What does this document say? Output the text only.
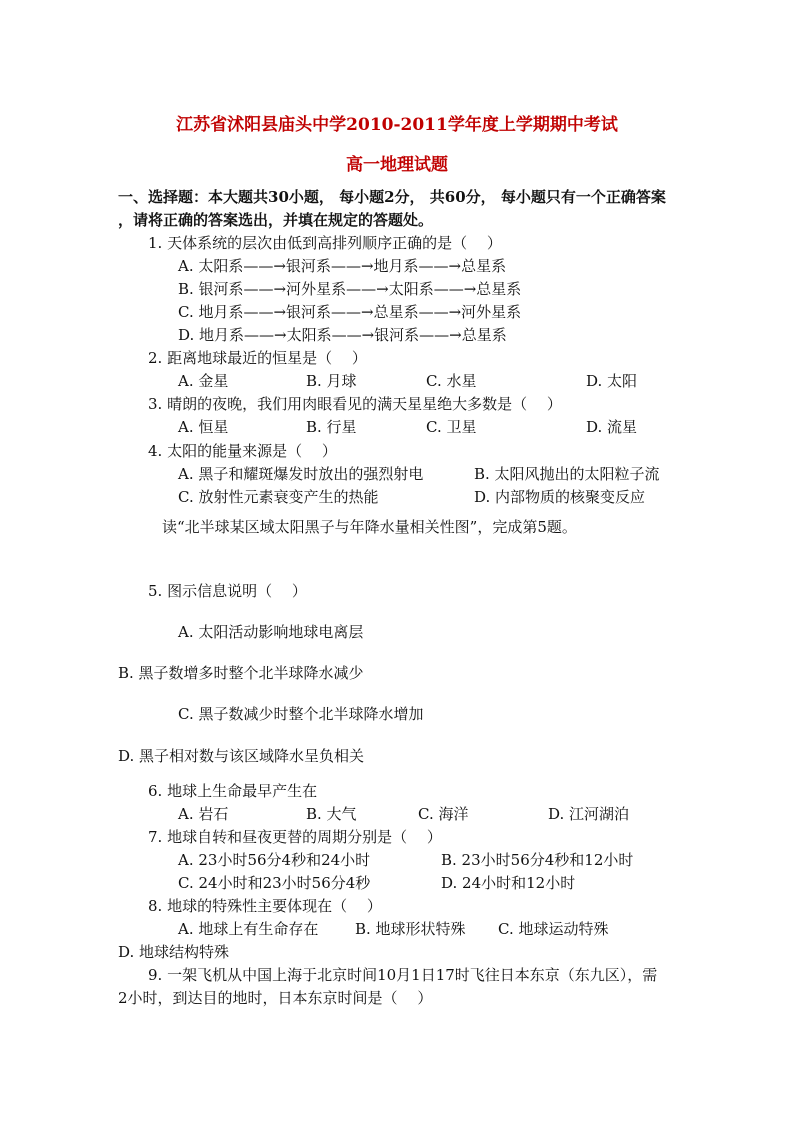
江苏省沭阳县庙头中学2010-2011学年度上学期期中考试
高一地理试题
一、选择题：本大题共30小题， 每小题2分， 共60分， 每小题只有一个正确答案
，请将正确的答案选出，并填在规定的答题处。
1. 天体系统的层次由低到高排列顺序正确的是（　 ）
A. 太阳系——→银河系——→地月系——→总星系
B. 银河系——→河外星系——→太阳系——→总星系
C. 地月系——→银河系——→总星系——→河外星系
D. 地月系——→太阳系——→银河系——→总星系
2. 距离地球最近的恒星是（　 ）
A. 金星	B. 月球	C. 水星	D. 太阳
3. 晴朗的夜晚，我们用肉眼看见的满天星星绝大多数是（　 ）
A. 恒星	B. 行星	C. 卫星	D. 流星
4. 太阳的能量来源是（　 ）
A. 黑子和耀斑爆发时放出的强烈射电	B. 太阳风抛出的太阳粒子流
C. 放射性元素衰变产生的热能	D. 内部物质的核聚变反应
读“北半球某区域太阳黑子与年降水量相关性图”，完成第5题。
5. 图示信息说明（　 ）
A. 太阳活动影响地球电离层
B. 黑子数增多时整个北半球降水减少
C. 黑子数减少时整个北半球降水增加
D. 黑子相对数与该区域降水呈负相关
6. 地球上生命最早产生在
A. 岩石	B. 大气	C. 海洋	D. 江河湖泊
7. 地球自转和昼夜更替的周期分别是（　 ）
A. 23小时56分4秒和24小时	B. 23小时56分4秒和12小时
C. 24小时和23小时56分4秒	D. 24小时和12小时
8. 地球的特殊性主要体现在（　 ）
A. 地球上有生命存在 B. 地球形状特殊 C. 地球运动特殊
D. 地球结构特殊
9. 一架飞机从中国上海于北京时间10月1日17时飞往日本东京（东九区），需
2小时，到达目的地时，日本东京时间是（　 ）
